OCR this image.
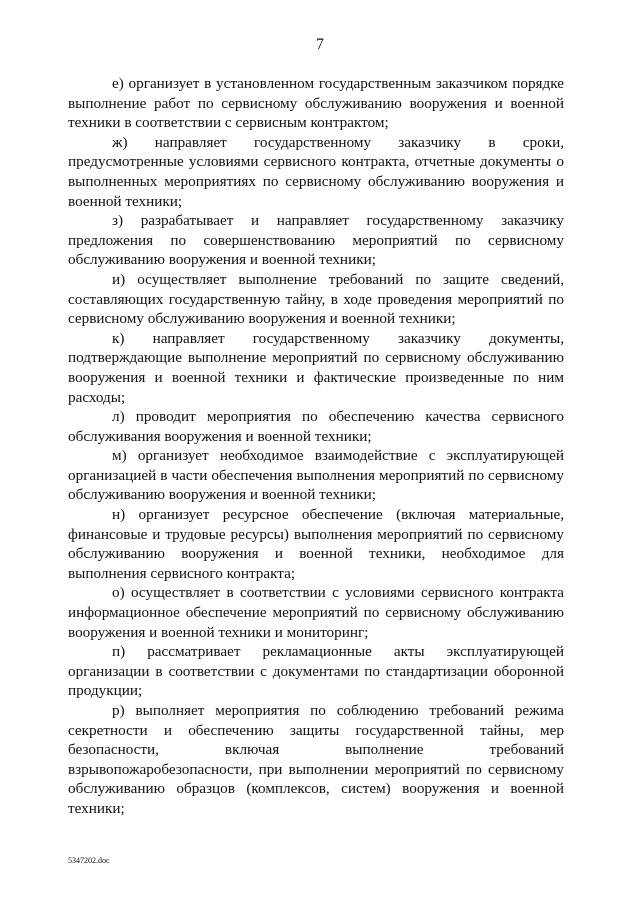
7

е) организует в установленном государственным заказчиком порядке выполнение работ по сервисному обслуживанию вооружения и военной техники в соответствии с сервисным контрактом;

ж) направляет государственному заказчику в сроки, предусмотренные условиями сервисного контракта, отчетные документы о выполненных мероприятиях по сервисному обслуживанию вооружения и военной техники;

з) разрабатывает и направляет государственному заказчику предложения по совершенствованию мероприятий по сервисному обслуживанию вооружения и военной техники;

и) осуществляет выполнение требований по защите сведений, составляющих государственную тайну, в ходе проведения мероприятий по сервисному обслуживанию вооружения и военной техники;

к) направляет государственному заказчику документы, подтверждающие выполнение мероприятий по сервисному обслуживанию вооружения и военной техники и фактические произведенные по ним расходы;

л) проводит мероприятия по обеспечению качества сервисного обслуживания вооружения и военной техники;

м) организует необходимое взаимодействие с эксплуатирующей организацией в части обеспечения выполнения мероприятий по сервисному обслуживанию вооружения и военной техники;

н) организует ресурсное обеспечение (включая материальные, финансовые и трудовые ресурсы) выполнения мероприятий по сервисному обслуживанию вооружения и военной техники, необходимое для выполнения сервисного контракта;

о) осуществляет в соответствии с условиями сервисного контракта информационное обеспечение мероприятий по сервисному обслуживанию вооружения и военной техники и мониторинг;

п) рассматривает рекламационные акты эксплуатирующей организации в соответствии с документами по стандартизации оборонной продукции;

р) выполняет мероприятия по соблюдению требований режима секретности и обеспечению защиты государственной тайны, мер безопасности, включая выполнение требований взрывопожаробезопасности, при выполнении мероприятий по сервисному обслуживанию образцов (комплексов, систем) вооружения и военной техники;

5347202.doc
